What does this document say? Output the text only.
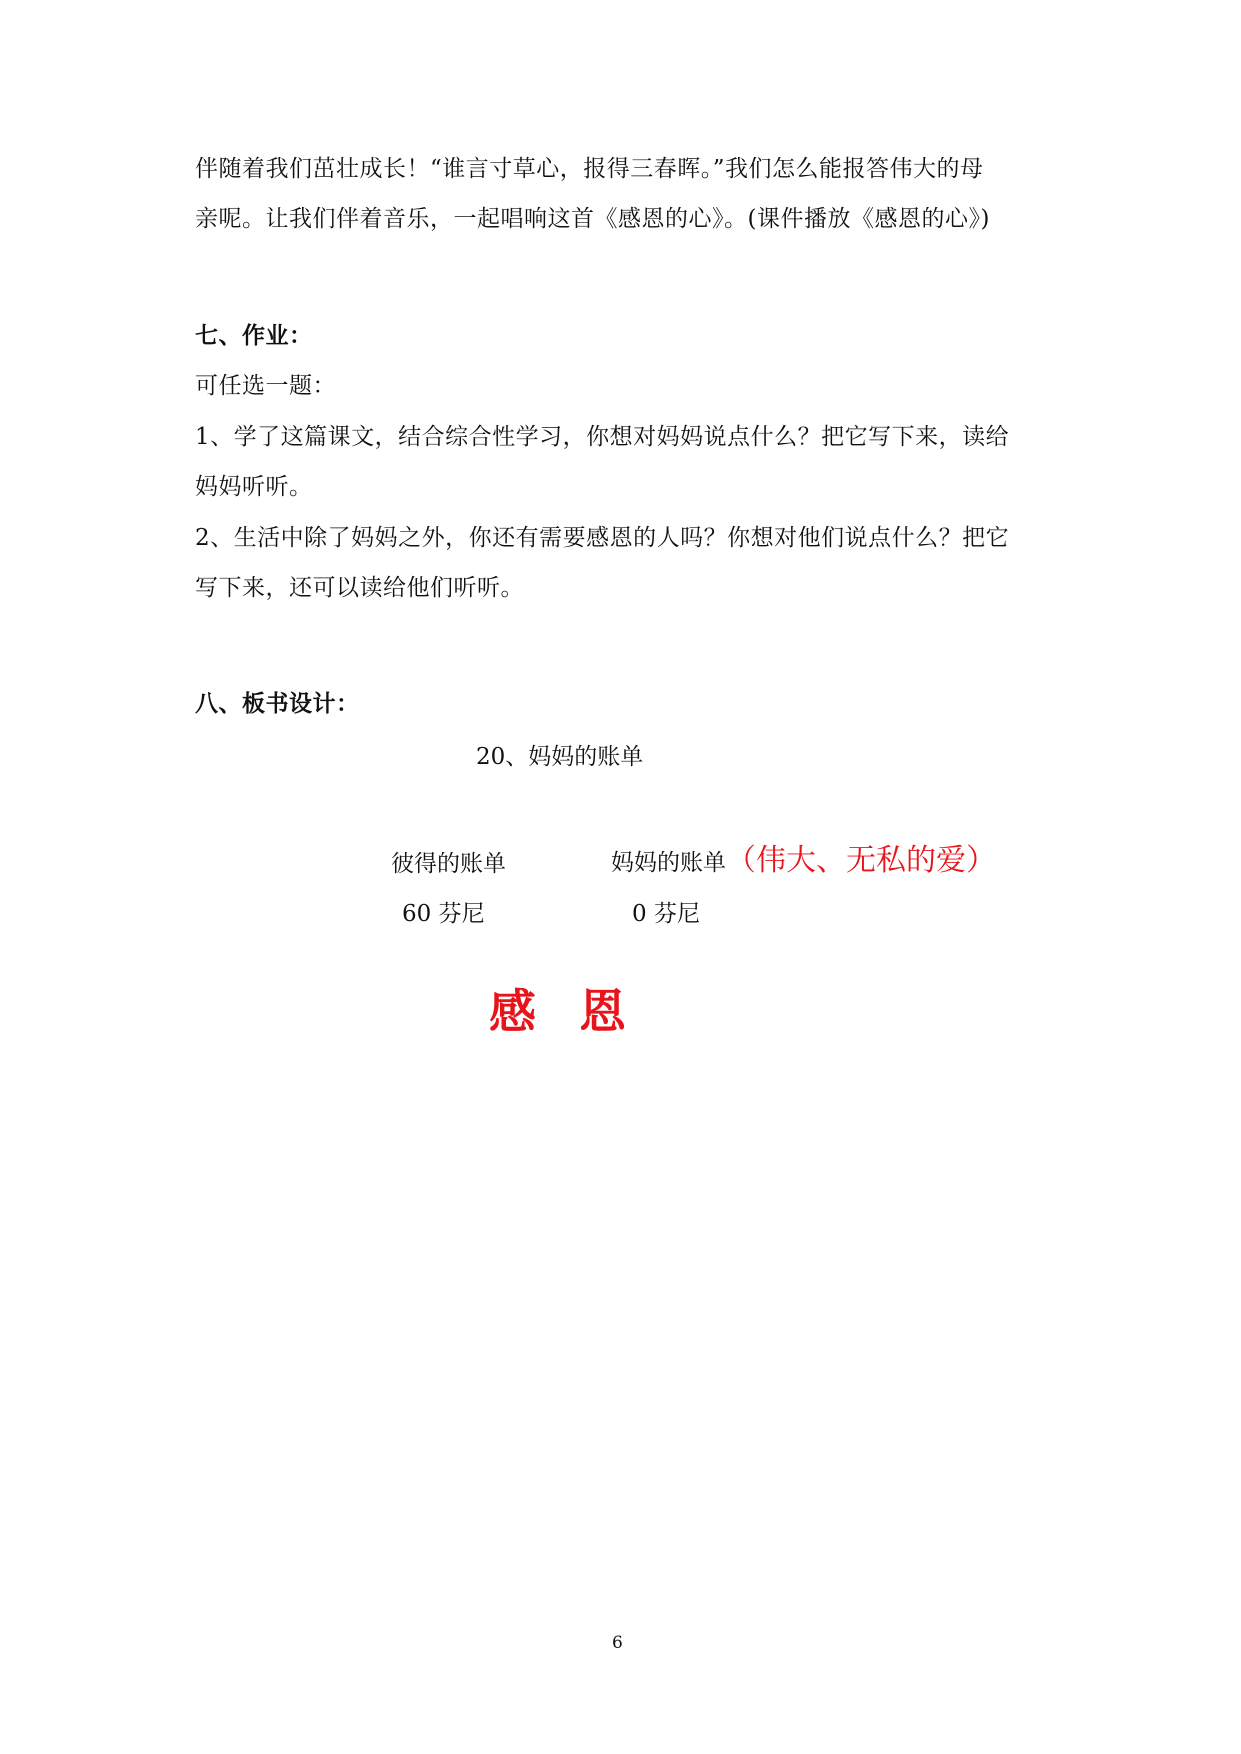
伴随着我们茁壮成长！“谁言寸草心，报得三春晖。”我们怎么能报答伟大的母
亲呢。让我们伴着音乐，一起唱响这首《感恩的心》。(课件播放《感恩的心》)
七、作业：
可任选一题：
1、学了这篇课文，结合综合性学习，你想对妈妈说点什么？把它写下来，读给
妈妈听听。
2、生活中除了妈妈之外，你还有需要感恩的人吗？你想对他们说点什么？把它
写下来，还可以读给他们听听。
八、板书设计：
20、妈妈的账单
彼得的账单	妈妈的账单（伟大、无私的爱）
60 芬尼	0 芬尼
感 恩
6
